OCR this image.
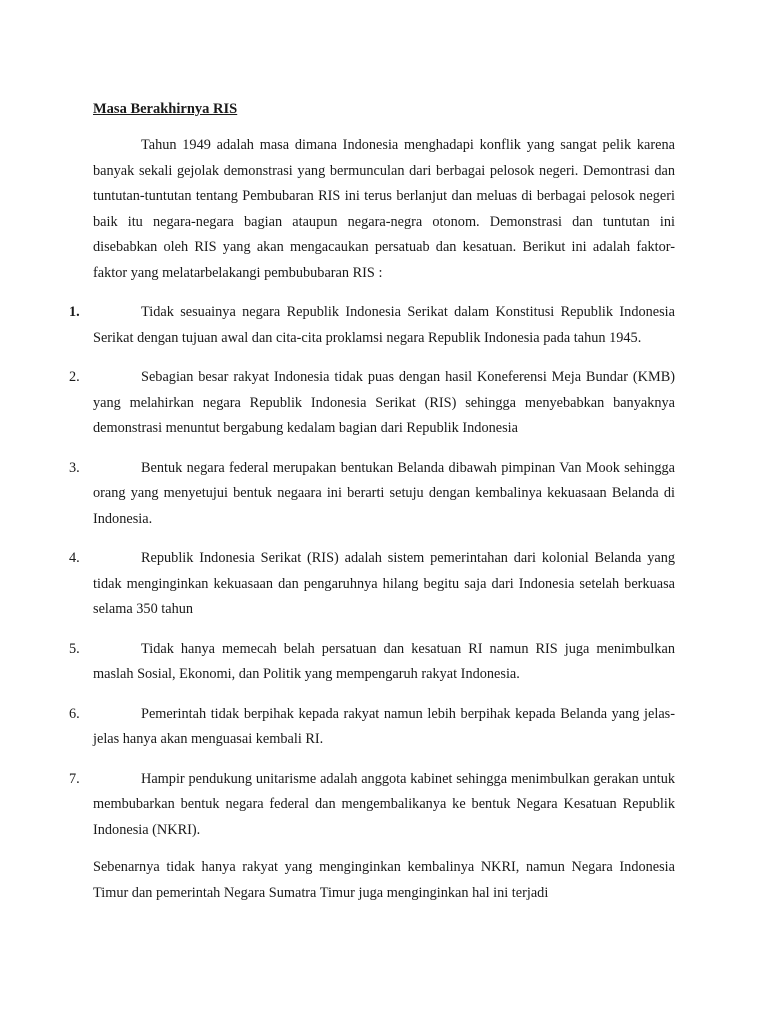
Masa Berakhirnya RIS

Tahun 1949 adalah masa dimana Indonesia menghadapi konflik yang sangat pelik karena banyak sekali gejolak demonstrasi yang bermunculan dari berbagai pelosok negeri. Demontrasi dan tuntutan-tuntutan tentang Pembubaran RIS ini terus berlanjut dan meluas di berbagai pelosok negeri baik itu negara-negara bagian ataupun negara-negra otonom. Demonstrasi dan tuntutan ini disebabkan oleh RIS yang akan mengacaukan persatuab dan kesatuan. Berikut ini adalah faktor-faktor yang melatarbelakangi pembububaran RIS :

1.	Tidak sesuainya negara Republik Indonesia Serikat dalam Konstitusi Republik Indonesia Serikat dengan tujuan awal dan cita-cita proklamsi negara Republik Indonesia pada tahun 1945.

2.	Sebagian besar rakyat Indonesia tidak puas dengan hasil Koneferensi Meja Bundar (KMB) yang melahirkan negara Republik Indonesia Serikat (RIS) sehingga menyebabkan banyaknya demonstrasi menuntut bergabung kedalam bagian dari Republik Indonesia

3.	Bentuk negara federal merupakan bentukan Belanda dibawah pimpinan Van Mook sehingga orang yang menyetujui bentuk negaara ini berarti setuju dengan kembalinya kekuasaan Belanda di Indonesia.

4.	Republik Indonesia Serikat (RIS) adalah sistem pemerintahan dari kolonial Belanda yang tidak menginginkan kekuasaan dan pengaruhnya hilang begitu saja dari Indonesia setelah berkuasa selama 350 tahun

5.	Tidak hanya memecah belah persatuan dan kesatuan RI namun RIS juga menimbulkan maslah Sosial, Ekonomi, dan Politik yang mempengaruh rakyat Indonesia.

6.	Pemerintah tidak berpihak kepada rakyat namun lebih berpihak kepada Belanda yang jelas-jelas hanya akan menguasai kembali RI.

7.	Hampir pendukung unitarisme adalah anggota kabinet sehingga menimbulkan gerakan untuk membubarkan bentuk negara federal dan mengembalikanya ke bentuk Negara Kesatuan Republik Indonesia (NKRI).

Sebenarnya tidak hanya rakyat yang menginginkan kembalinya NKRI, namun Negara Indonesia Timur dan pemerintah Negara Sumatra Timur juga menginginkan hal ini terjadi
